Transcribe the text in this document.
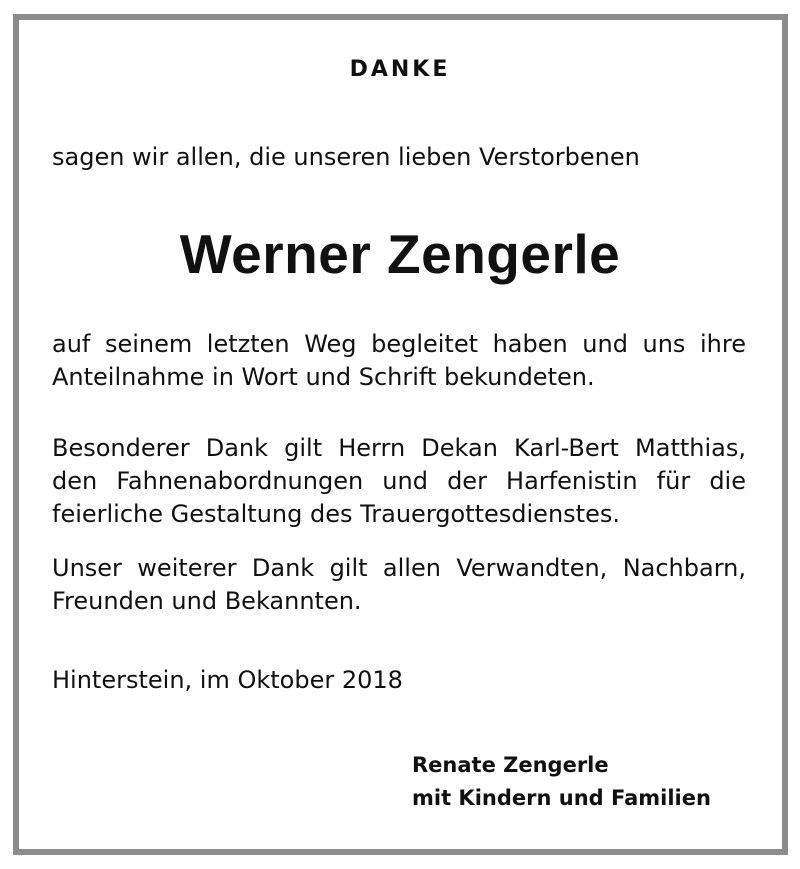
DANKE
sagen wir allen, die unseren lieben Verstorbenen
Werner Zengerle
auf seinem letzten Weg begleitet haben und uns ihre
Anteilnahme in Wort und Schrift bekundeten.
Besonderer Dank gilt Herrn Dekan Karl-Bert Matthias,
den Fahnenabordnungen und der Harfenistin für die
feierliche Gestaltung des Trauergottesdienstes.
Unser weiterer Dank gilt allen Verwandten, Nachbarn,
Freunden und Bekannten.
Hinterstein, im Oktober 2018
Renate Zengerle
mit Kindern und Familien
